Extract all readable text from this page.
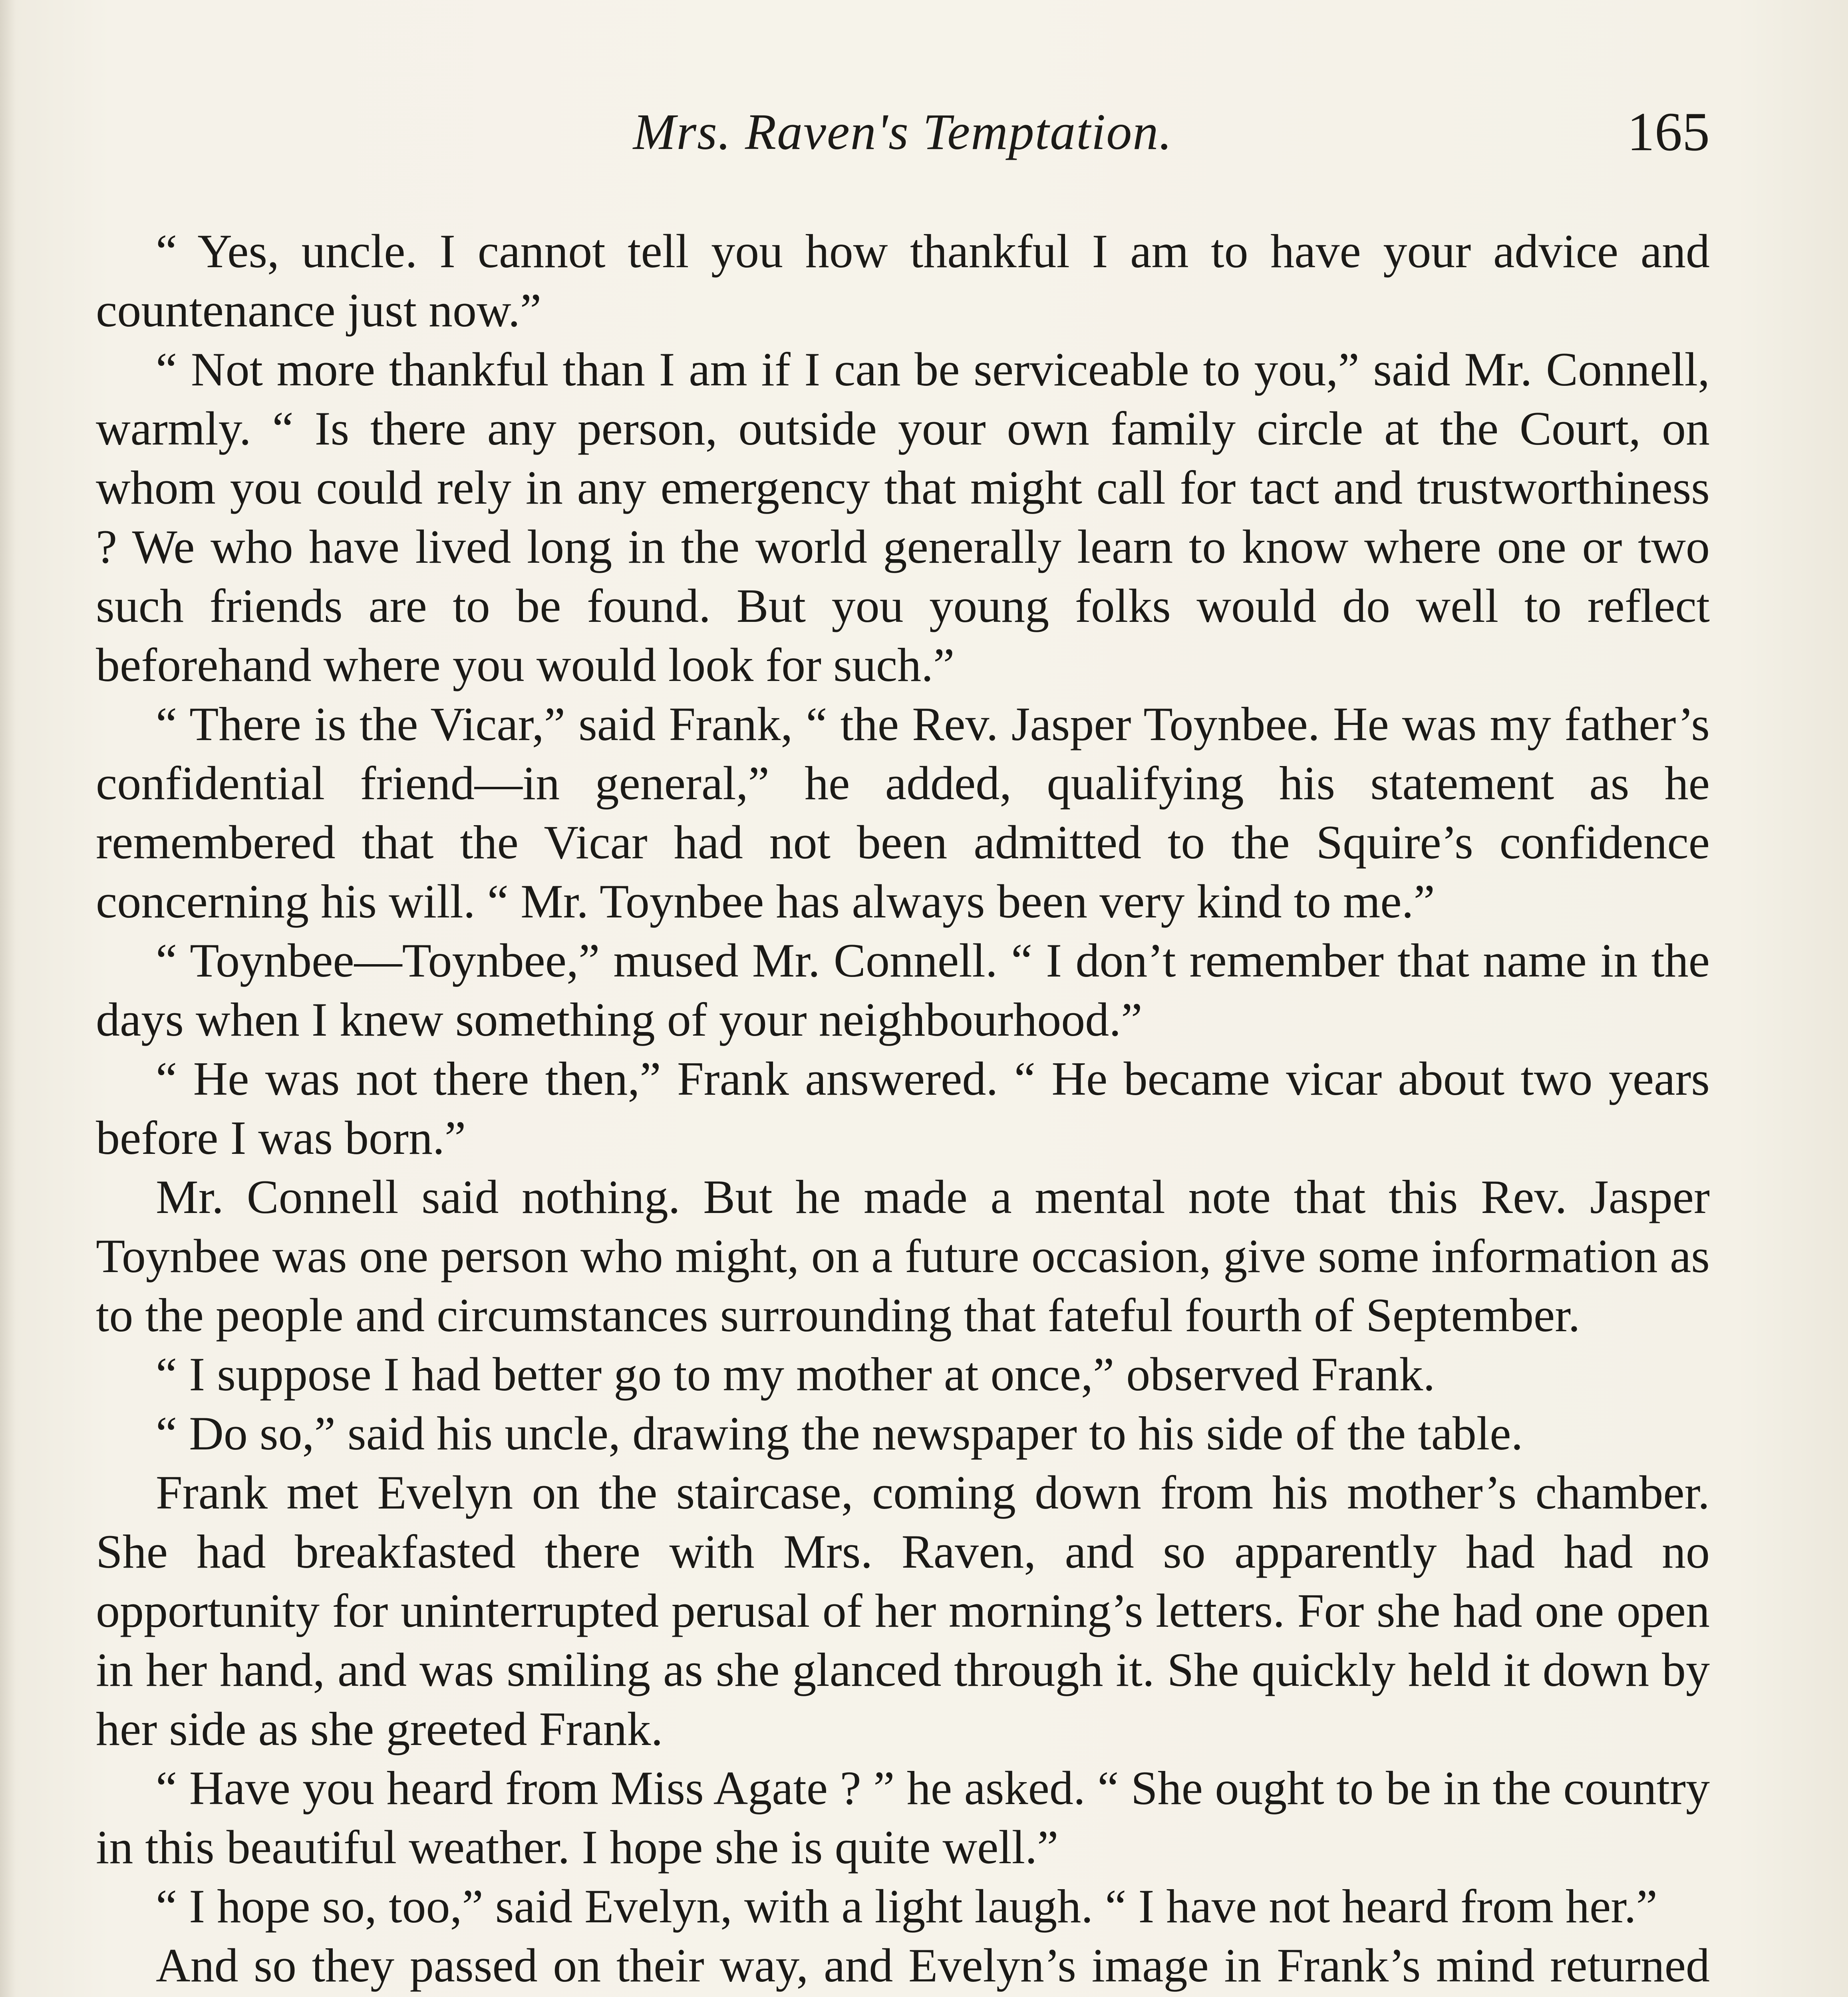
Mrs. Raven's Temptation.	165

“ Yes, uncle. I cannot tell you how thankful I am to have your advice and countenance just now.”

“ Not more thankful than I am if I can be serviceable to you,” said Mr. Connell, warmly. “ Is there any person, outside your own family circle at the Court, on whom you could rely in any emergency that might call for tact and trustworthiness ? We who have lived long in the world generally learn to know where one or two such friends are to be found. But you young folks would do well to reflect beforehand where you would look for such.”

“ There is the Vicar,” said Frank, “ the Rev. Jasper Toynbee. He was my father’s confidential friend—in general,” he added, qualifying his statement as he remembered that the Vicar had not been admitted to the Squire’s confidence concerning his will. “ Mr. Toynbee has always been very kind to me.”

“ Toynbee—Toynbee,” mused Mr. Connell. “ I don’t remember that name in the days when I knew something of your neighbourhood.”

“ He was not there then,” Frank answered. “ He became vicar about two years before I was born.”

Mr. Connell said nothing. But he made a mental note that this Rev. Jasper Toynbee was one person who might, on a future occasion, give some information as to the people and circumstances surrounding that fateful fourth of September.

“ I suppose I had better go to my mother at once,” observed Frank.

“ Do so,” said his uncle, drawing the newspaper to his side of the table.

Frank met Evelyn on the staircase, coming down from his mother’s chamber. She had breakfasted there with Mrs. Raven, and so apparently had had no opportunity for uninterrupted perusal of her morning’s letters. For she had one open in her hand, and was smiling as she glanced through it. She quickly held it down by her side as she greeted Frank.

“ Have you heard from Miss Agate ? ” he asked. “ She ought to be in the country in this beautiful weather. I hope she is quite well.”

“ I hope so, too,” said Evelyn, with a light laugh. “ I have not heard from her.”

And so they passed on their way, and Evelyn’s image in Frank’s mind returned
